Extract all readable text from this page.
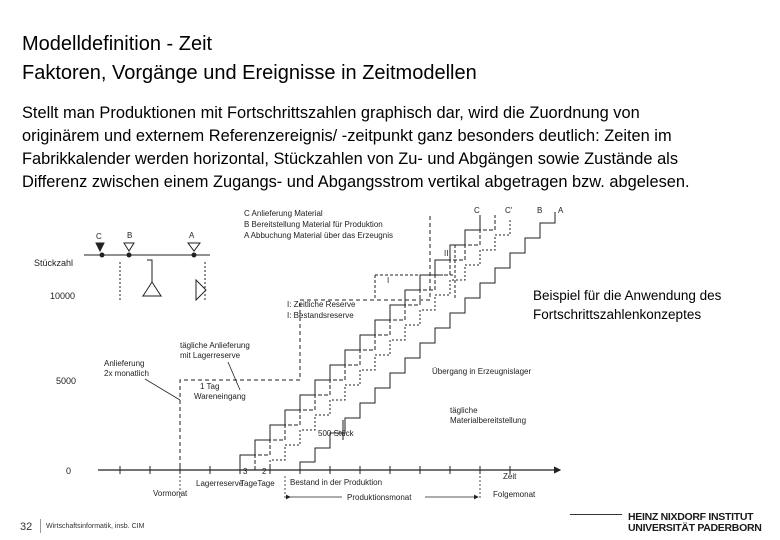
Modelldefinition - Zeit
Faktoren, Vorgänge und Ereignisse in Zeitmodellen
Stellt man Produktionen mit Fortschrittszahlen graphisch dar, wird die Zuordnung von
originärem und externem Referenzereignis/ -zeitpunkt ganz besonders deutlich: Zeiten im
Fabrikkalender werden horizontal, Stückzahlen von Zu- und Abgängen sowie Zustände als
Differenz zwischen einem Zugangs- und Abgangsstrom vertikal abgetragen bzw. abgelesen.
C Anlieferung Material
B Bereitstellung Material für Produktion
A Abbuchung Material über das Erzeugnis
C	C'	B A
C	B	A
Stückzahl
10000
5000
0
I
II
I: Zeitliche Reserve
I: Bestandsreserve
tägliche Anlieferung
mit Lagerreserve
Anlieferung
2x monatlich
1 Tag
Wareneingang
Übergang in Erzeugnislager
tägliche
Materialbereitstellung
500 Stück
3 2
Zeit
Lagerreserve
TageTage Bestand in der Produktion
Vormonat	Produktionsmonat	Folgemonat
Beispiel für die Anwendung des
Fortschrittszahlenkonzeptes
32 Wirtschaftsinformatik, insb. CIM
HEINZ NIXDORF INSTITUT
UNIVERSITÄT PADERBORN
